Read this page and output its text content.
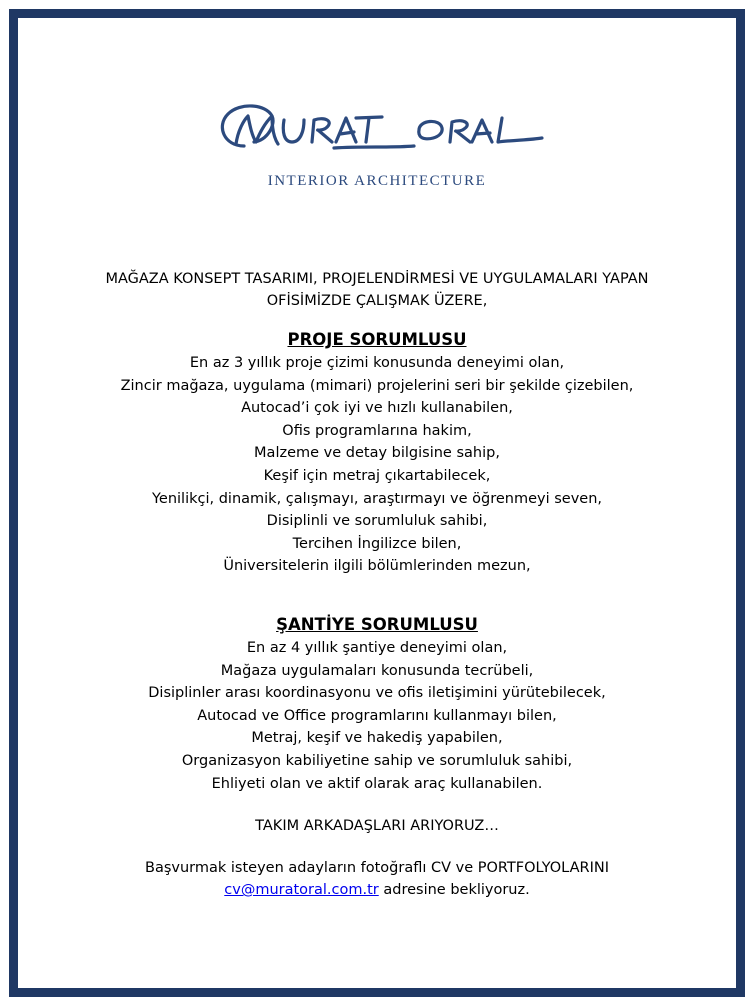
INTERIOR ARCHITECTURE

MAĞAZA KONSEPT TASARIMI, PROJELENDİRMESİ VE UYGULAMALARI YAPAN

OFİSİMİZDE ÇALIŞMAK ÜZERE,

PROJE SORUMLUSU

En az 3 yıllık proje çizimi konusunda deneyimi olan,
Zincir mağaza, uygulama (mimari) projelerini seri bir şekilde çizebilen,
Autocad’i çok iyi ve hızlı kullanabilen,
Ofis programlarına hakim,
Malzeme ve detay bilgisine sahip,
Keşif için metraj çıkartabilecek,
Yenilikçi, dinamik, çalışmayı, araştırmayı ve öğrenmeyi seven,
Disiplinli ve sorumluluk sahibi,
Tercihen İngilizce bilen,
Üniversitelerin ilgili bölümlerinden mezun,

ŞANTİYE SORUMLUSU

En az 4 yıllık şantiye deneyimi olan,
Mağaza uygulamaları konusunda tecrübeli,
Disiplinler arası koordinasyonu ve ofis iletişimini yürütebilecek,
Autocad ve Office programlarını kullanmayı bilen,
Metraj, keşif ve hakediş yapabilen,
Organizasyon kabiliyetine sahip ve sorumluluk sahibi,
Ehliyeti olan ve aktif olarak araç kullanabilen.

TAKIM ARKADAŞLARI ARIYORUZ…

Başvurmak isteyen adayların fotoğraflı CV ve PORTFOLYOLARINI
cv@muratoral.com.tr adresine bekliyoruz.
